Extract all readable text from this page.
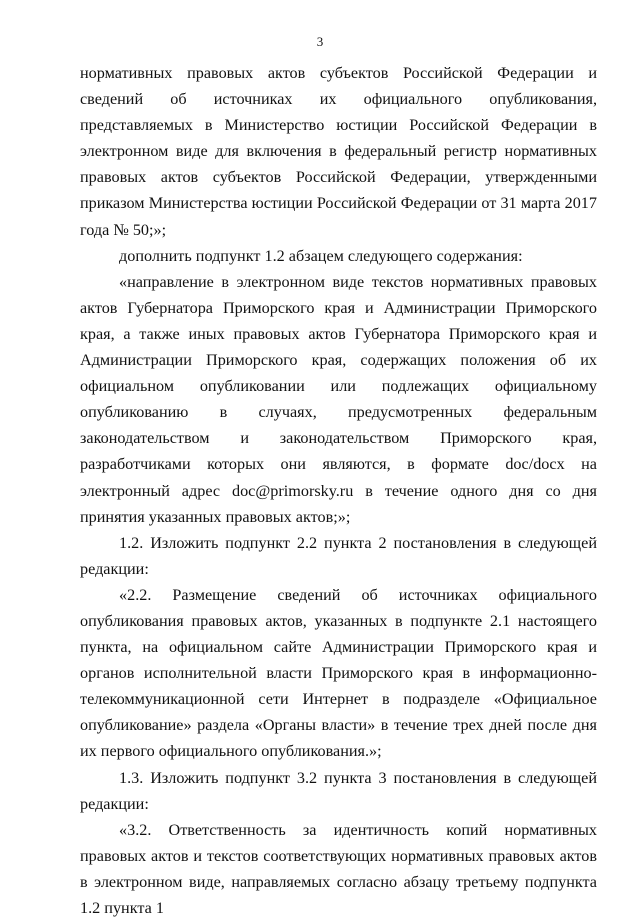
3

нормативных правовых актов субъектов Российской Федерации и сведений об источниках их официального опубликования, представляемых в Министерство юстиции Российской Федерации в электронном виде для включения в федеральный регистр нормативных правовых актов субъектов Российской Федерации, утвержденными приказом Министерства юстиции Российской Федерации от 31 марта 2017 года № 50;»;

дополнить подпункт 1.2 абзацем следующего содержания:

«направление в электронном виде текстов нормативных правовых актов Губернатора Приморского края и Администрации Приморского края, а также иных правовых актов Губернатора Приморского края и Администрации Приморского края, содержащих положения об их официальном опубликовании или подлежащих официальному опубликованию в случаях, предусмотренных федеральным законодательством и законодательством Приморского края, разработчиками которых они являются, в формате doc/docx на электронный адрес doc@primorsky.ru в течение одного дня со дня принятия указанных правовых актов;»;

1.2. Изложить подпункт 2.2 пункта 2 постановления в следующей редакции:

«2.2. Размещение сведений об источниках официального опубликования правовых актов, указанных в подпункте 2.1 настоящего пункта, на официальном сайте Администрации Приморского края и органов исполнительной власти Приморского края в информационно-телекоммуникационной сети Интернет в подразделе «Официальное опубликование» раздела «Органы власти» в течение трех дней после дня их первого официального опубликования.»;

1.3. Изложить подпункт 3.2 пункта 3 постановления в следующей редакции:

«3.2. Ответственность за идентичность копий нормативных правовых актов и текстов соответствующих нормативных правовых актов в электронном виде, направляемых согласно абзацу третьему подпункта 1.2 пункта 1
